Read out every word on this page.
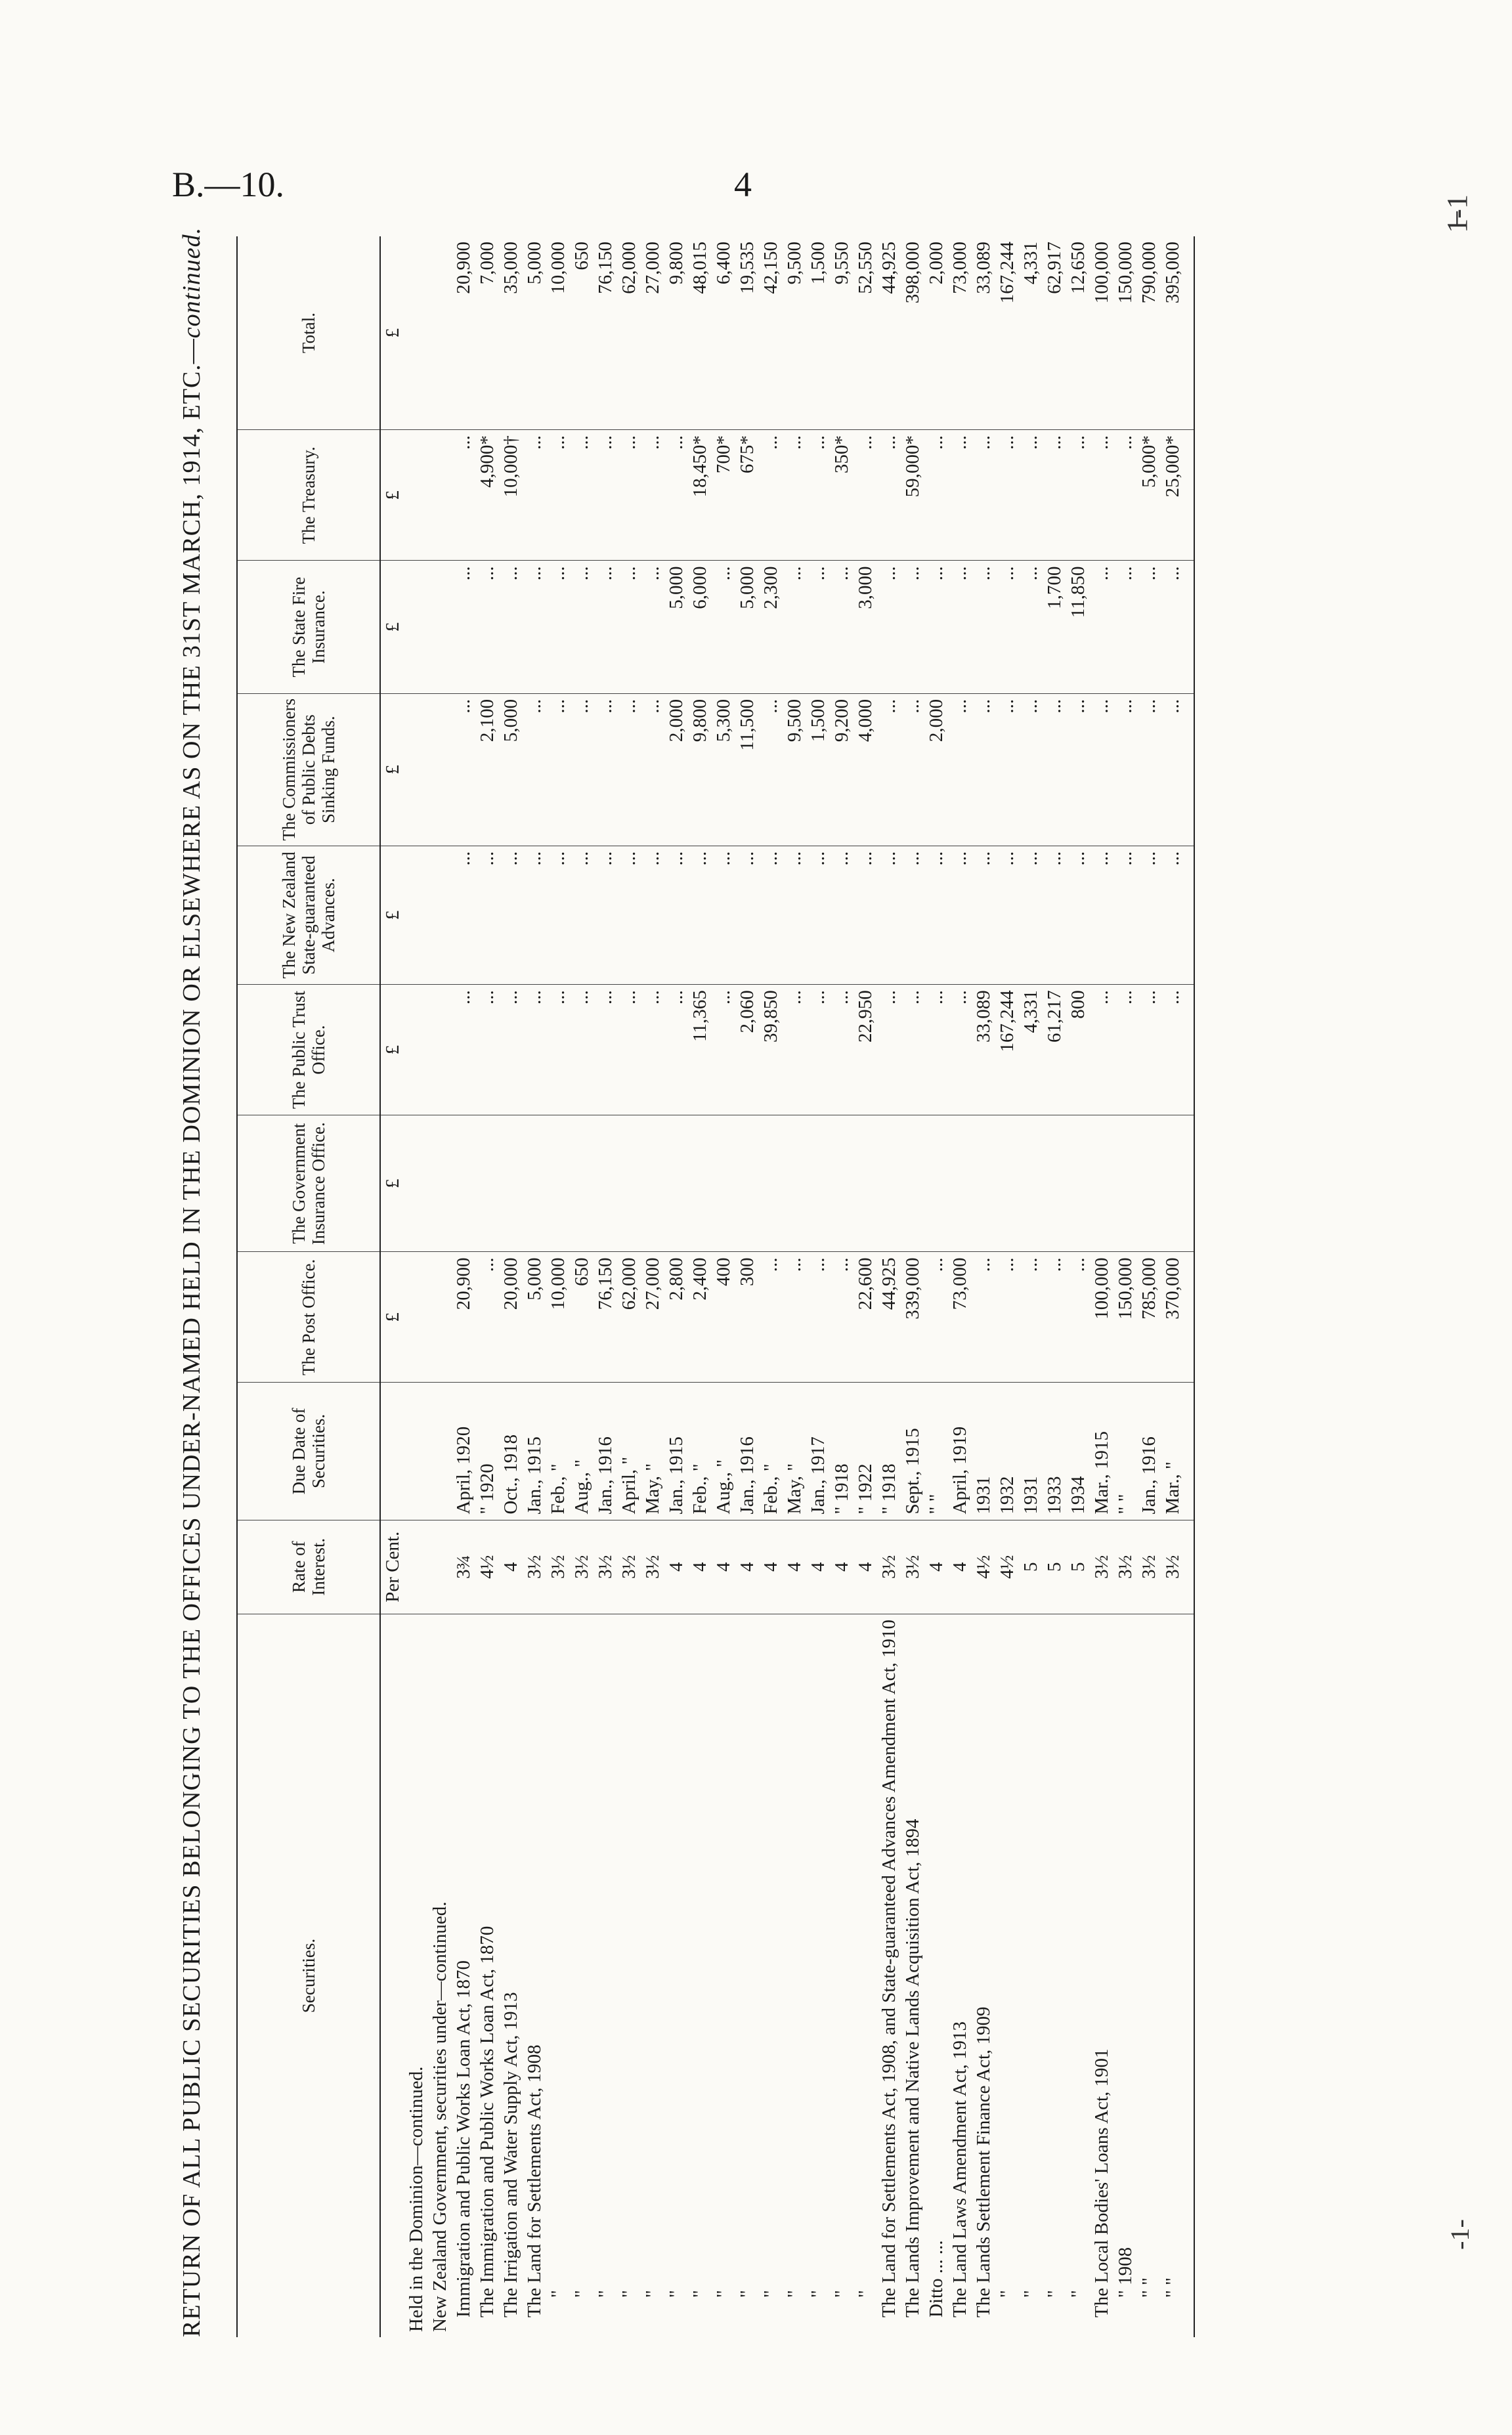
B.—10.	4
RETURN OF ALL PUBLIC SECURITIES BELONGING TO THE OFFICES UNDER-NAMED HELD IN THE DOMINION OR ELSEWHERE AS ON THE 31ST MARCH, 1914, ETC.—continued.
Securities.	Rate of Interest.	Due Date of Securities.	The Post Office.	The Government Insurance Office.	The Public Trust Office.	The New Zealand State-guaranteed Advances.	The Commissioners of Public Debts Sinking Funds.	The State Fire Insurance.	The Treasury.	Total.
	Per Cent.		£	£	£	£	£	£	£	£
Held in the Dominion—continued.										
New Zealand Government, securities under—continued.										
Immigration and Public Works Loan Act, 1870	3¾	April, 1920	20,900		...	...	...	...	...	20,900
The Immigration and Public Works Loan Act, 1870	4½	" 1920	...		...	...	2,100	...	4,900*	7,000
The Irrigation and Water Supply Act, 1913	4	Oct., 1918	20,000		...	...	5,000	...	10,000†	35,000
The Land for Settlements Act, 1908	3½	Jan., 1915	5,000		...	...	...	...	...	5,000
"	3½	Feb., "	10,000		...	...	...	...	...	10,000
"	3½	Aug., "	650		...	...	...	...	...	650
"	3½	Jan., 1916	76,150		...	...	...	...	...	76,150
"	3½	April, "	62,000		...	...	...	...	...	62,000
"	3½	May, "	27,000		...	...	...	...	...	27,000
"	4	Jan., 1915	2,800		...	...	2,000	5,000	...	9,800
"	4	Feb., "	2,400		11,365	...	9,800	6,000	18,450*	48,015
"	4	Aug., "	400		...	...	5,300	...	700*	6,400
"	4	Jan., 1916	300		2,060	...	11,500	5,000	675*	19,535
"	4	Feb., "	...		39,850	...	...	2,300	...	42,150
"	4	May, "	...		...	...	9,500	...	...	9,500
"	4	Jan., 1917	...		...	...	1,500	...	...	1,500
"	4	" 1918	...		...	...	9,200	...	350*	9,550
"	4	" 1922	22,600		22,950	...	4,000	3,000	...	52,550
The Land for Settlements Act, 1908, and State-guaranteed Advances Amendment Act, 1910	3½	" 1918	44,925		...	...	...	...	...	44,925
The Lands Improvement and Native Lands Acquisition Act, 1894	3½	Sept., 1915	339,000		...	...	...	...	59,000*	398,000
Ditto ... ...	4	" "	...		...	...	2,000	...	...	2,000
The Land Laws Amendment Act, 1913	4	April, 1919	73,000		...	...	...	...	...	73,000
The Lands Settlement Finance Act, 1909	4½	1931	...		33,089	...	...	...	...	33,089
"	4½	1932	...		167,244	...	...	...	...	167,244
"	5	1931	...		4,331	...	...	...	...	4,331
"	5	1933	...		61,217	...	...	1,700	...	62,917
"	5	1934	...		800	...	...	11,850	...	12,650
The Local Bodies' Loans Act, 1901	3½	Mar., 1915	100,000		...	...	...	...	...	100,000
" 1908	3½	" "	150,000		...	...	...	...	...	150,000
" "	3½	Jan., 1916	785,000		...	...	...	...	5,000*	790,000
" "	3½	Mar., "	370,000		...	...	...	...	25,000*	395,000
1̶-1
-1-
